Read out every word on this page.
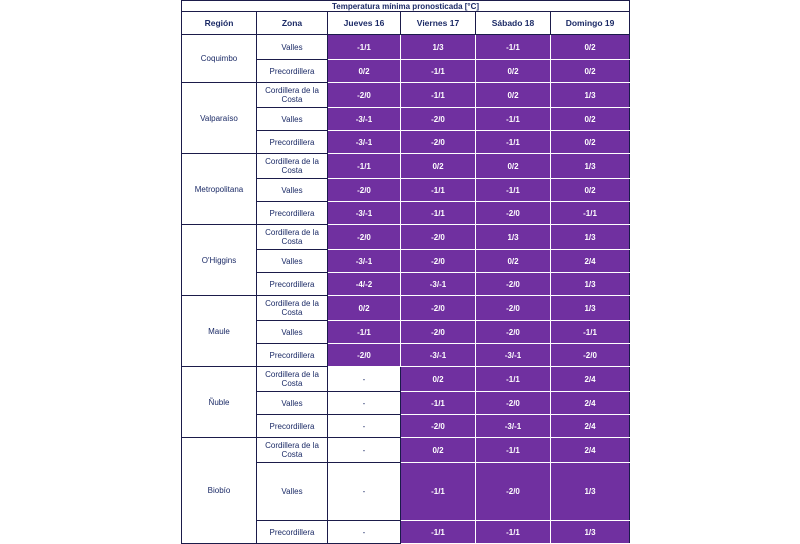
Temperatura mínima pronosticada [°C]					
Región	Zona	Jueves 16	Viernes 17	Sábado 18	Domingo 19
Coquimbo	Valles	-1/1	1/3	-1/1	0/2
	Precordillera	0/2	-1/1	0/2	0/2
Valparaíso	Cordillera de la Costa	-2/0	-1/1	0/2	1/3
	Valles	-3/-1	-2/0	-1/1	0/2
	Precordillera	-3/-1	-2/0	-1/1	0/2
Metropolitana	Cordillera de la Costa	-1/1	0/2	0/2	1/3
	Valles	-2/0	-1/1	-1/1	0/2
	Precordillera	-3/-1	-1/1	-2/0	-1/1
O'Higgins	Cordillera de la Costa	-2/0	-2/0	1/3	1/3
	Valles	-3/-1	-2/0	0/2	2/4
	Precordillera	-4/-2	-3/-1	-2/0	1/3
Maule	Cordillera de la Costa	0/2	-2/0	-2/0	1/3
	Valles	-1/1	-2/0	-2/0	-1/1
	Precordillera	-2/0	-3/-1	-3/-1	-2/0
Ñuble	Cordillera de la Costa	-	0/2	-1/1	2/4
	Valles	-	-1/1	-2/0	2/4
	Precordillera	-	-2/0	-3/-1	2/4
Biobío	Cordillera de la Costa	-	0/2	-1/1	2/4
	Valles	-	-1/1	-2/0	1/3
	Precordillera	-	-1/1	-1/1	1/3
